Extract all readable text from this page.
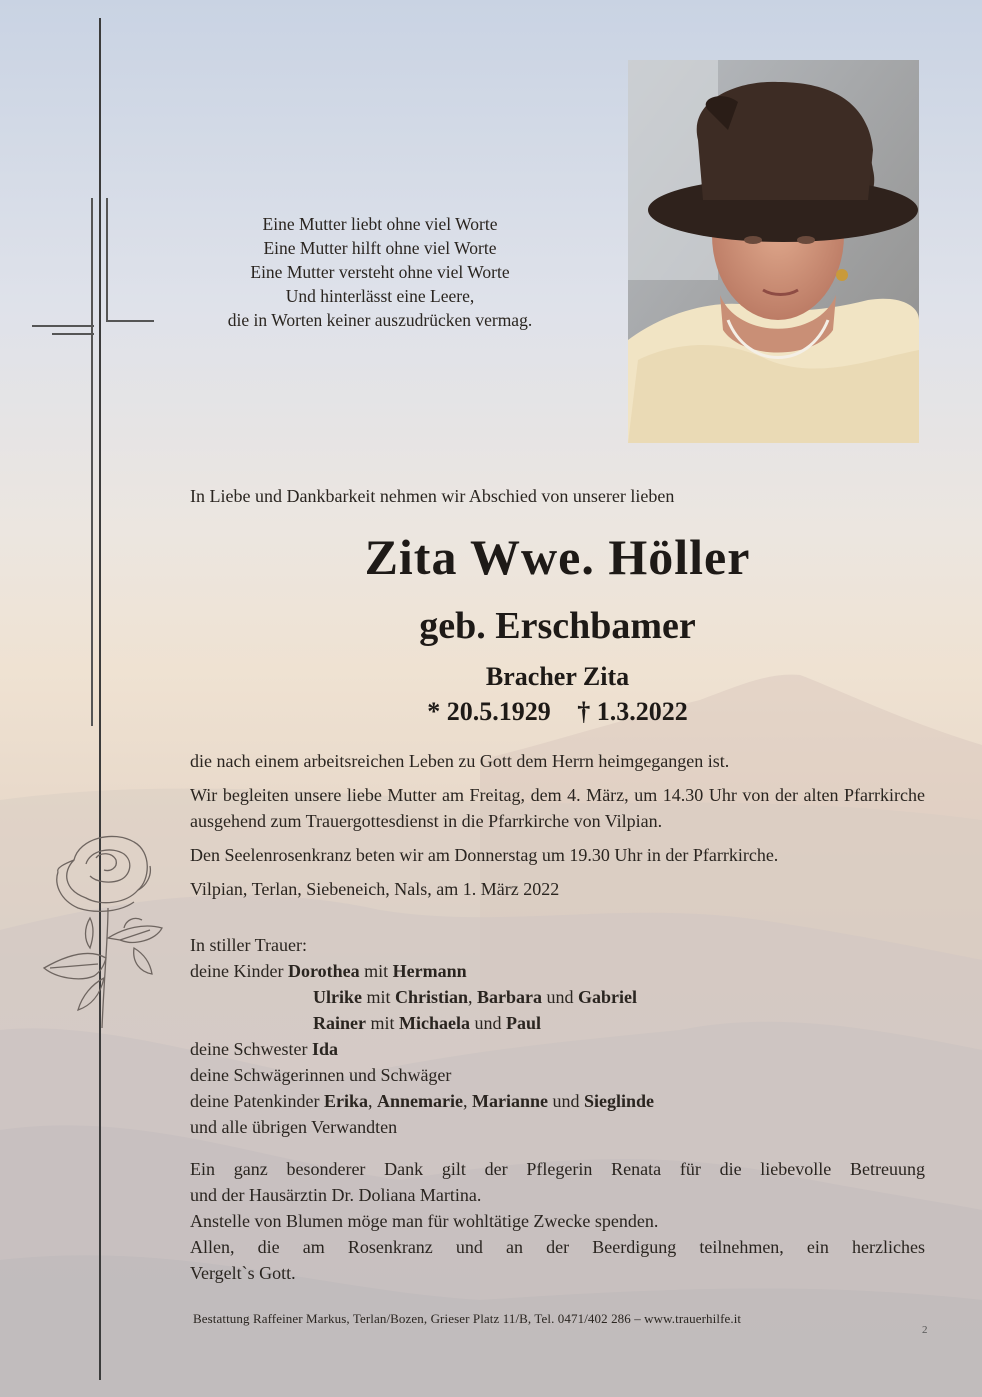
Eine Mutter liebt ohne viel Worte
Eine Mutter hilft ohne viel Worte
Eine Mutter versteht ohne viel Worte
Und hinterlässt eine Leere,
die in Worten keiner auszudrücken vermag.
In Liebe und Dankbarkeit nehmen wir Abschied von unserer lieben
Zita Wwe. Höller
geb. Erschbamer
Bracher Zita
* 20.5.1929 † 1.3.2022

die nach einem arbeitsreichen Leben zu Gott dem Herrn heimgegangen ist.

Wir begleiten unsere liebe Mutter am Freitag, dem 4. März, um 14.30 Uhr von der alten Pfarrkirche ausgehend zum Trauergottesdienst in die Pfarrkirche von Vilpian.

Den Seelenrosenkranz beten wir am Donnerstag um 19.30 Uhr in der Pfarrkirche.

Vilpian, Terlan, Siebeneich, Nals, am 1. März 2022

In stiller Trauer:
deine Kinder Dorothea mit Hermann
Ulrike mit Christian, Barbara und Gabriel
Rainer mit Michaela und Paul
deine Schwester Ida
deine Schwägerinnen und Schwäger
deine Patenkinder Erika, Annemarie, Marianne und Sieglinde
und alle übrigen Verwandten

Ein ganz besonderer Dank gilt der Pflegerin Renata für die liebevolle Betreuung

und der Hausärztin Dr. Doliana Martina.

Anstelle von Blumen möge man für wohltätige Zwecke spenden.

Allen, die am Rosenkranz und an der Beerdigung teilnehmen, ein herzliches

Vergelt`s Gott.

Bestattung Raffeiner Markus, Terlan/Bozen, Grieser Platz 11/B, Tel. 0471/402 286 – www.trauerhilfe.it
2
